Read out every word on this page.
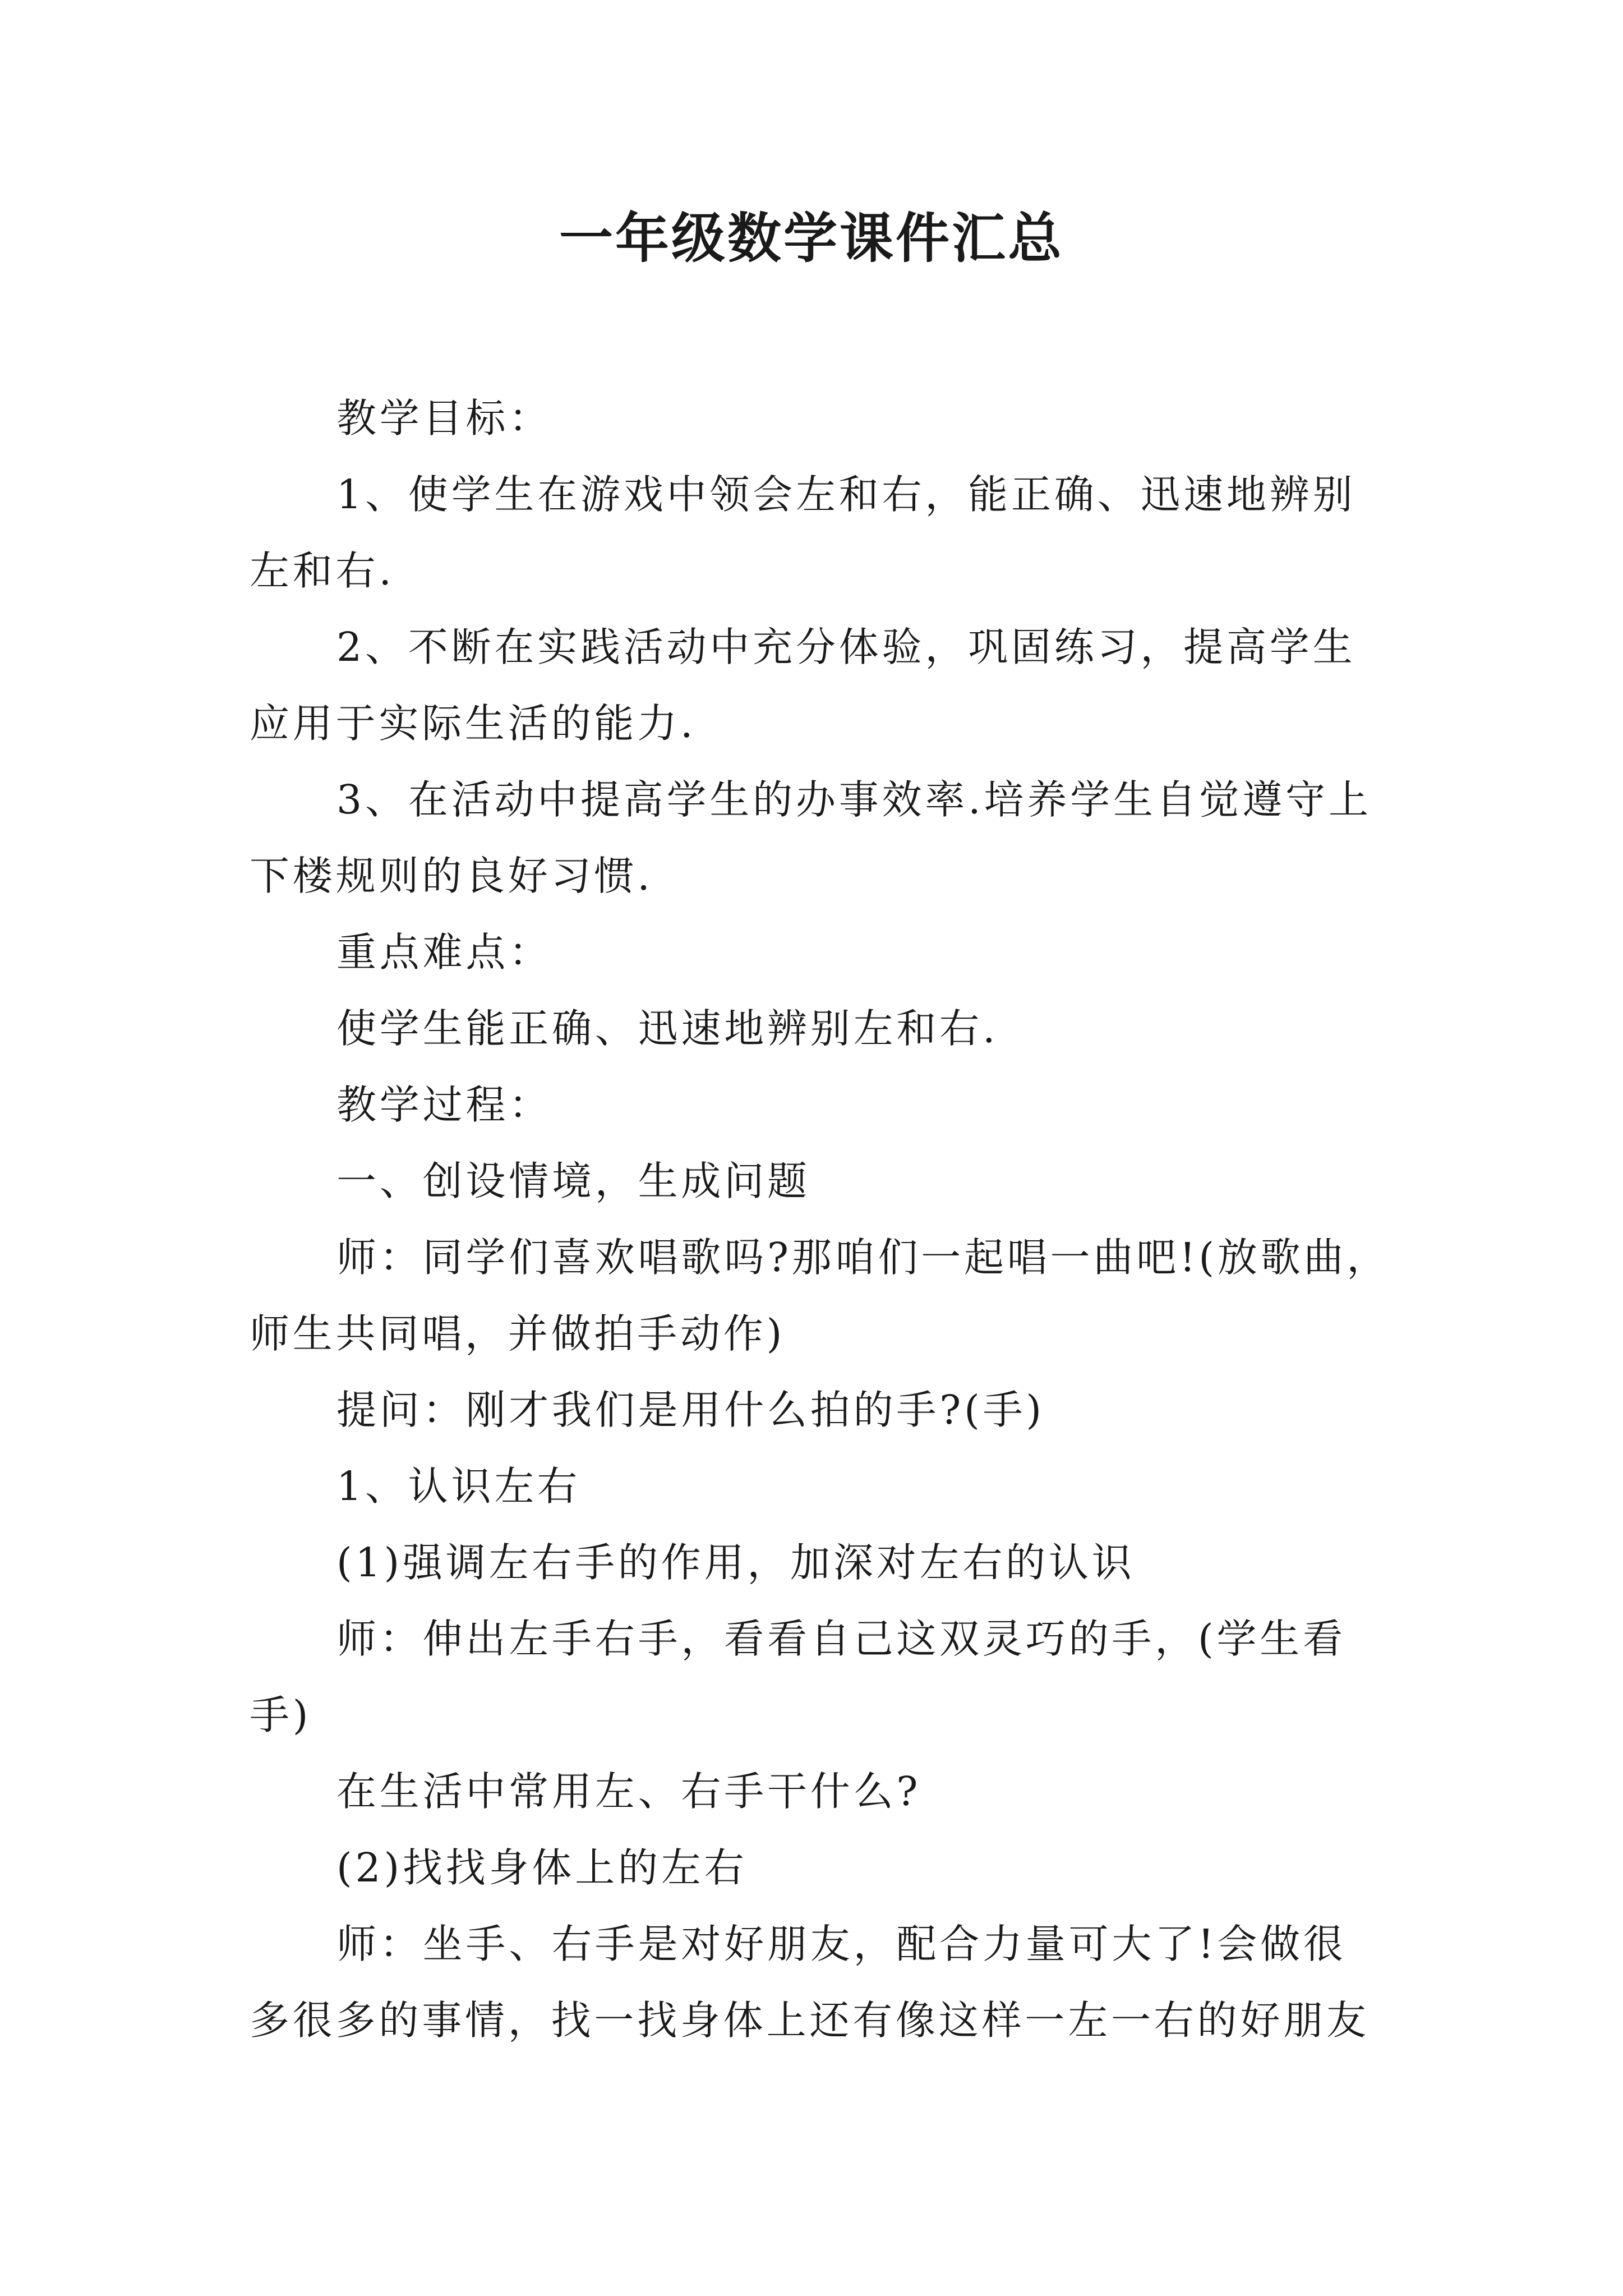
一年级数学课件汇总
教学目标：
1、使学生在游戏中领会左和右，能正确、迅速地辨别
左和右.
2、不断在实践活动中充分体验，巩固练习，提高学生
应用于实际生活的能力.
3、在活动中提高学生的办事效率.培养学生自觉遵守上
下楼规则的良好习惯.
重点难点：
使学生能正确、迅速地辨别左和右.
教学过程：
一、创设情境，生成问题
师：同学们喜欢唱歌吗?那咱们一起唱一曲吧!(放歌曲，
师生共同唱，并做拍手动作)
提问：刚才我们是用什么拍的手?(手)
1、认识左右
(1)强调左右手的作用，加深对左右的认识
师：伸出左手右手，看看自己这双灵巧的手，(学生看
手)
在生活中常用左、右手干什么?
(2)找找身体上的左右
师：坐手、右手是对好朋友，配合力量可大了!会做很
多很多的事情，找一找身体上还有像这样一左一右的好朋友
